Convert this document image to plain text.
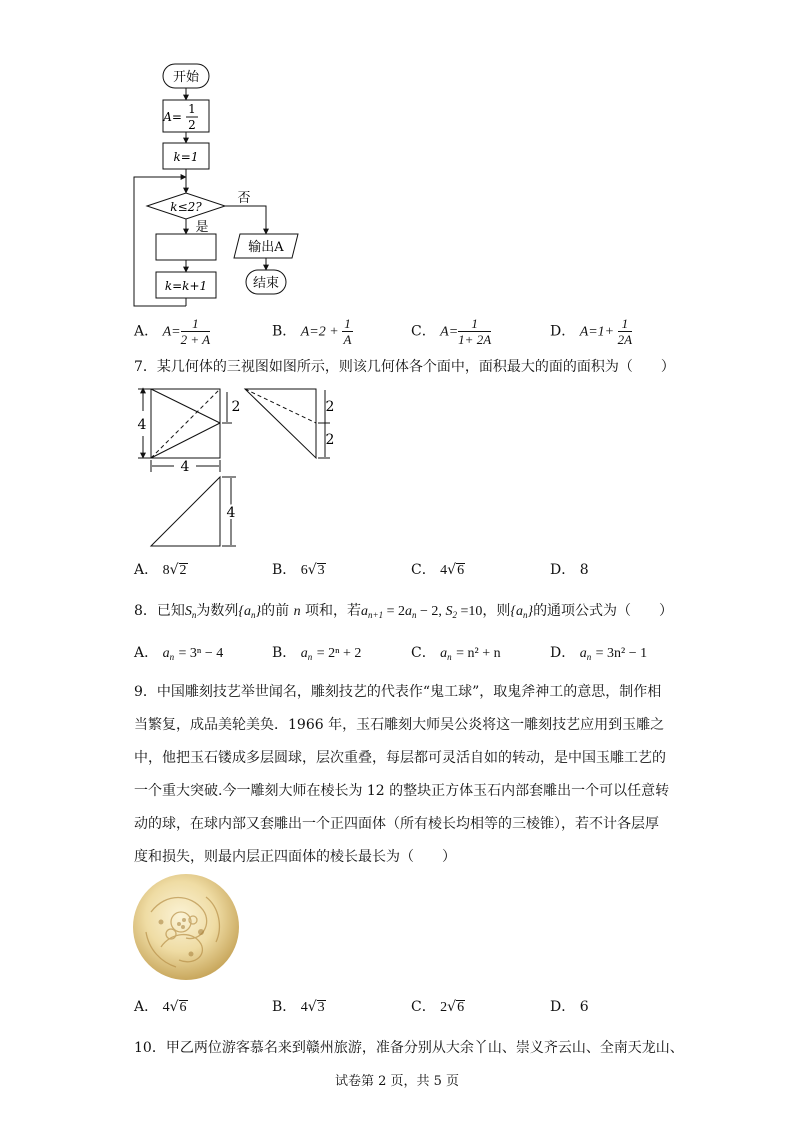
开始
A=
1
2
k=1
k≤2?
否
是
输出A
结束
k=k+1
A． $A= \frac{1}{2 + A}$	B． $A=2 + \frac{1}{A}$	C． $A= \frac{1}{1+ 2A}$	D． $A=1+ \frac{1}{2A}$
7．某几何体的三视图如图所示，则该几何体各个面中，面积最大的面的面积为（　　）
4
2	2
2
4
4
A． 8√2	B． 6√3	C． 4√6	D． 8
8．已知$S_n$为数列$\{a_n\}$的前 n 项和，若$a_{n+1} = 2a_n - 2$, $S_2 =10$，则$\{a_n\}$的通项公式为（　　）
A． $a_n = 3^n - 4$	B． $a_n = 2^n + 2$	C． $a_n = n^2 + n$	D． $a_n = 3n^2 - 1$

9．中国雕刻技艺举世闻名，雕刻技艺的代表作“鬼工球”，取鬼斧神工的意思，制作相

当繁复，成品美轮美奂．1966 年，玉石雕刻大师吴公炎将这一雕刻技艺应用到玉雕之

中，他把玉石镂成多层圆球，层次重叠，每层都可灵活自如的转动，是中国玉雕工艺的

一个重大突破.今一雕刻大师在棱长为 12 的整块正方体玉石内部套雕出一个可以任意转

动的球，在球内部又套雕出一个正四面体（所有棱长均相等的三棱锥），若不计各层厚

度和损失，则最内层正四面体的棱长最长为（　　）

A． 4√6	B． 4√3	C． 2√6	D． 6
10．甲乙两位游客慕名来到赣州旅游，准备分别从大余丫山、崇义齐云山、全南天龙山、
试卷第 2 页，共 5 页
